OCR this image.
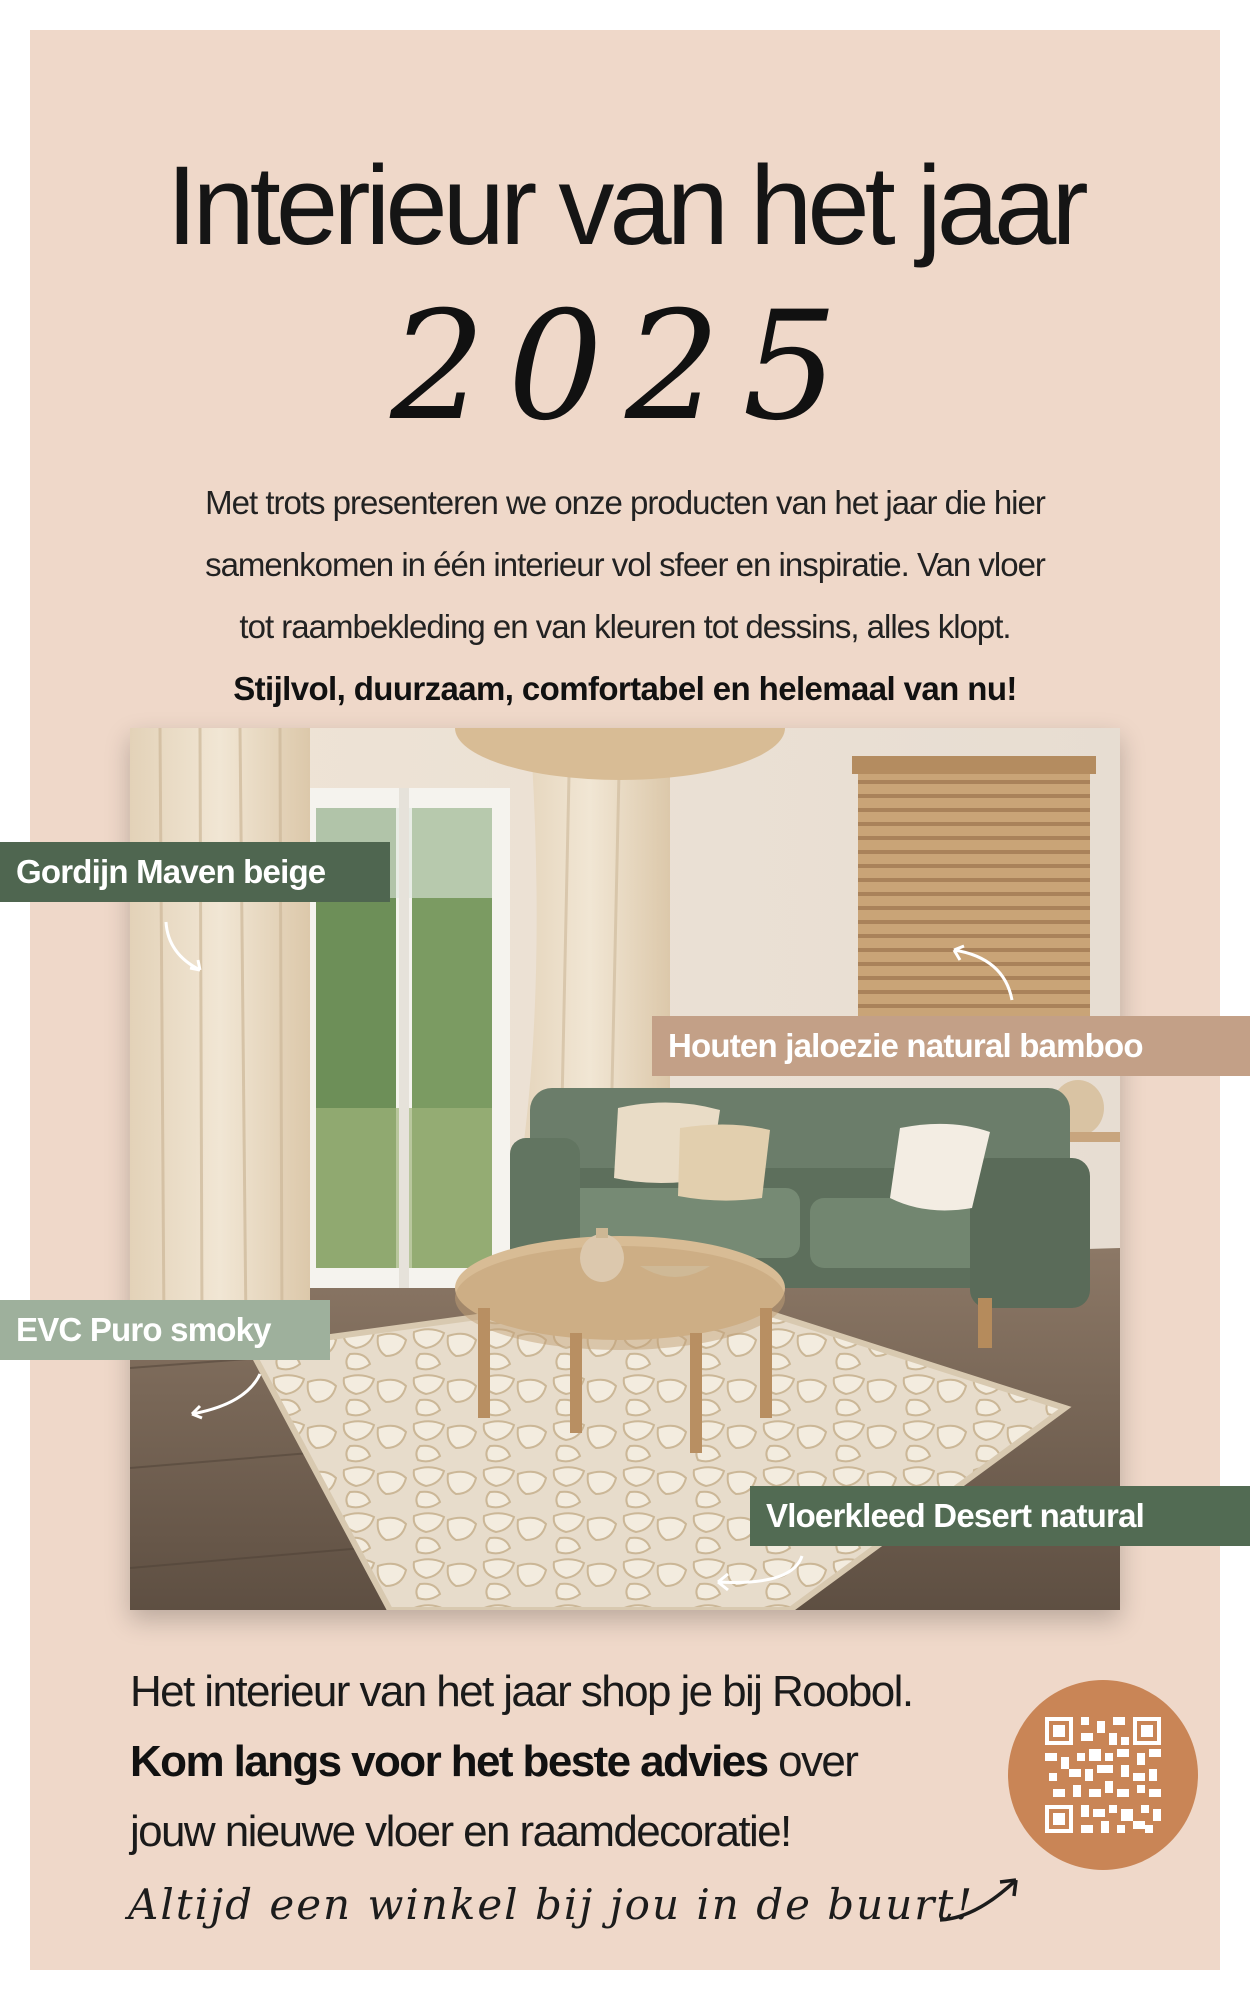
Interieur van het jaar
2025

Met trots presenteren we onze producten van het jaar die hier

samenkomen in één interieur vol sfeer en inspiratie. Van vloer

tot raambekleding en van kleuren tot dessins, alles klopt.

Stijlvol, duurzaam, comfortabel en helemaal van nu!

Gordijn Maven beige
Houten jaloezie natural bamboo
EVC Puro smoky
Vloerkleed Desert natural

Het interieur van het jaar shop je bij Roobol.

Kom langs voor het beste advies over

jouw nieuwe vloer en raamdecoratie!

Altijd een winkel bij jou in de buurt!
